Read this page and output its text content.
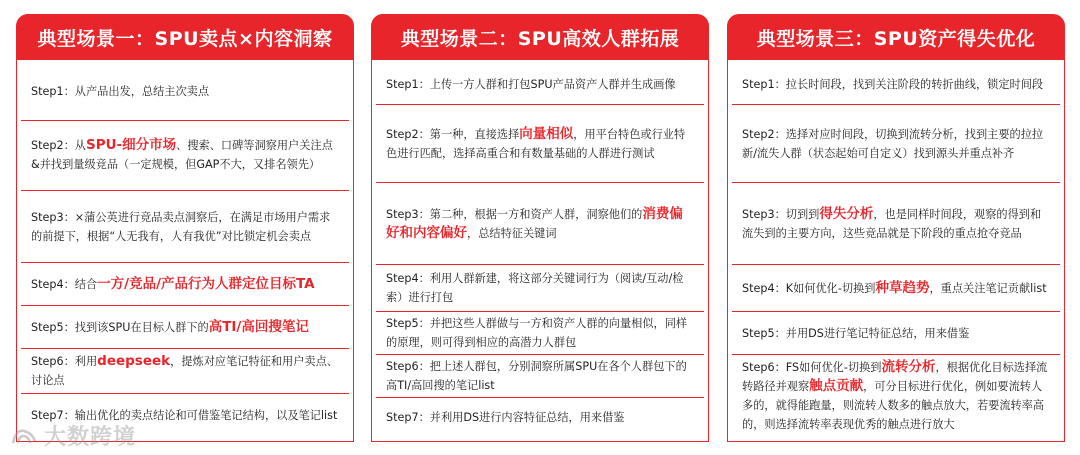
典型场景一：SPU卖点×内容洞察
Step1：从产品出发，总结主次卖点
Step2：从SPU-细分市场、搜索、口碑等洞察用户关注点&并找到量级竞品（一定规模，但GAP不大，又排名领先）
Step3：×蒲公英进行竞品卖点洞察后，在满足市场用户需求的前提下，根据“人无我有，人有我优”对比锁定机会卖点
Step4：结合一方/竞品/产品行为人群定位目标TA
Step5：找到该SPU在目标人群下的高TI/高回搜笔记
Step6：利用deepseek，提炼对应笔记特征和用户卖点、讨论点
Step7：输出优化的卖点结论和可借鉴笔记结构，以及笔记list
典型场景二：SPU高效人群拓展
Step1：上传一方人群和打包SPU产品资产人群并生成画像
Step2：第一种，直接选择向量相似，用平台特色或行业特色进行匹配，选择高重合和有数量基础的人群进行测试
Step3：第二种，根据一方和资产人群，洞察他们的消费偏好和内容偏好，总结特征关键词
Step4：利用人群新建，将这部分关键词行为（阅读/互动/检索）进行打包
Step5：并把这些人群做与一方和资产人群的向量相似，同样的原理，则可得到相应的高潜力人群包
Step6：把上述人群包，分别洞察所属SPU在各个人群包下的高TI/高回搜的笔记list
Step7：并利用DS进行内容特征总结，用来借鉴
典型场景三：SPU资产得失优化
Step1：拉长时间段，找到关注阶段的转折曲线，锁定时间段
Step2：选择对应时间段，切换到流转分析，找到主要的拉拉新/流失人群（状态起始可自定义）找到源头并重点补齐
Step3：切到到得失分析，也是同样时间段，观察的得到和流失到的主要方向，这些竞品就是下阶段的重点抢夺竞品
Step4：K如何优化-切换到种草趋势，重点关注笔记贡献list
Step5：并用DS进行笔记特征总结，用来借鉴
Step6：FS如何优化-切换到流转分析，根据优化目标选择流转路径并观察触点贡献，可分目标进行优化，例如要流转人多的，就得能跑量，则流转人数多的触点放大，若要流转率高的，则选择流转率表现优秀的触点进行放大
大数跨境
